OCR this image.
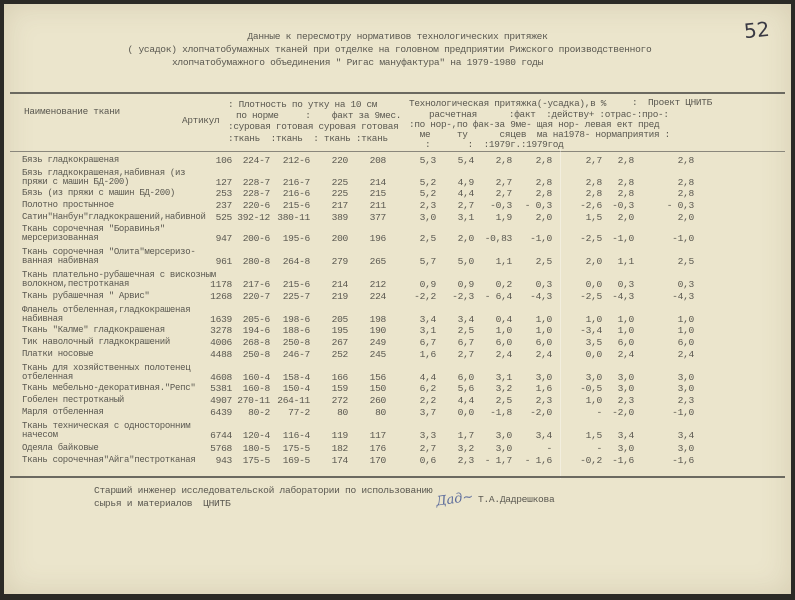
52
Данные к пересмотру нормативов технологических притяжек
( усадок) хлопчатобумажных тканей при отделке на головном предприятии Рижского производственного
хлопчатобумажного объединения " Ригас мануфактура" на 1979-1980 годы
Наименование ткани
Артикул
: Плотность по утку на 10 см
по норме     :    факт за 9мес.
:суровая готовая суровая готовая
:ткань  :ткань  : ткань :ткань
Технологическая притяжка(-усадка),в %	:  Проект ЦНИТБ
расчетная      :факт  :действу+ :отрас-:про-:
:по нор-,по фак-за 9ме- щая нор- левая ект пред
ме     ту      сяцев  ма на1978- нормаприятия :
:       :  :1979г.:1979год
Бязь гладкокрашеная	106	224-7	212-6	220	208	5,3	5,4	2,8	2,8	2,7	2,8	2,8
Бязь гладкокрашеная,набивная (из
пряжи с машин БД-200)	127	228-7	216-7	225	214	5,2	4,9	2,7	2,8	2,8	2,8	2,8
Бязь (из пряжи с машин БД-200)	253	228-7	216-6	225	215	5,2	4,4	2,7	2,8	2,8	2,8	2,8
Полотно простынное	237	220-6	215-6	217	211	2,3	2,7	-0,3	- 0,3	-2,6	-0,3	- 0,3
Сатин"Нанбун"гладкокрашений,набивной	525 392-12 380-11	389	377	3,0	3,1	1,9	2,0	1,5	2,0	2,0
Ткань сорочечная "Боравинья"
мерсеризованная	947	200-6	195-6	200	196	2,5	2,0	-0,83	-1,0	-2,5	-1,0	-1,0
Ткань сорочечная "Олита"мерсеризо-
ванная набивная	961	280-8	264-8	279	265	5,7	5,0	1,1	2,5	2,0	1,1	2,5
Ткань плательно-рубашечная с вискозным
волокном,пестротканая	1178	217-6	215-6	214	212	0,9	0,9	0,2	0,3	0,0	0,3	0,3
Ткань рубашечная " Арвис"	1268	220-7	225-7	219	224	-2,2	-2,3	- 6,4	-4,3	-2,5	-4,3	-4,3
Фланель отбеленная,гладкокрашеная
набивная	1639	205-6	198-6	205	198	3,4	3,4	0,4	1,0	1,0	1,0	1,0
Ткань "Калме" гладкокрашеная	3278	194-6	188-6	195	190	3,1	2,5	1,0	1,0	-3,4	1,0	1,0
Тик наволочный гладкокрашений	4006	268-8	250-8	267	249	6,7	6,7	6,0	6,0	3,5	6,0	6,0
Платки носовые	4488	250-8	246-7	252	245	1,6	2,7	2,4	2,4	0,0	2,4	2,4
Ткань для хозяйственных полотенец
отбеленная	4608	160-4	158-4	166	156	4,4	6,0	3,1	3,0	3,0	3,0	3,0
Ткань мебельно-декоративная."Репс"	5381	160-8	150-4	159	150	6,2	5,6	3,2	1,6	-0,5	3,0	3,0
Гобелен пестротканый	4907 270-11 264-11	272	260	2,2	4,4	2,5	2,3	1,0	2,3	2,3
Марля отбеленная	6439	80-2	77-2	80	80	3,7	0,0	-1,8	-2,0	-	-2,0	-1,0
Ткань техническая с односторонним
начесом	6744	120-4	116-4	119	117	3,3	1,7	3,0	3,4	1,5	3,4	3,4
Одеяла байковые	5768	180-5	175-5	182	176	2,7	3,2	3,0	-	-	3,0	3,0
Ткань сорочечная"Айга"пестротканая	943	175-5	169-5	174	170	0,6	2,3	- 1,7	- 1,6	-0,2	-1,6	-1,6
Старший инженер исследовательской лаборатории по использованию
сырья и материалов  ЦНИТБ	Дад~ Т.А.Дадрешкова
